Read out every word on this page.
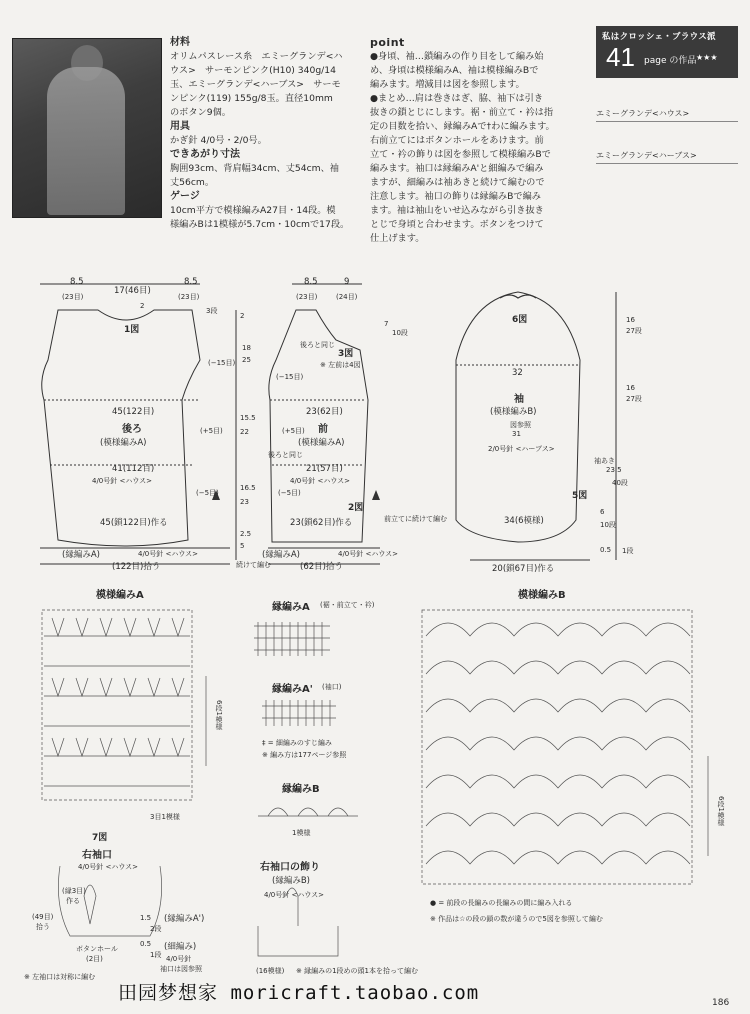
材料
オリムパスレース糸　エミーグランデ<ハ
ウス>　サーモンピンク(H10) 340g/14
玉、エミーグランデ<ハーブス>　サーモ
ンピンク(119) 155g/8玉。直径10mm
のボタン9個。
用具
かぎ針 4/0号・2/0号。
できあがり寸法
胸囲93cm、背肩幅34cm、丈54cm、袖
丈56cm。
ゲージ
10cm平方で模様編みA27目・14段。模
様編みBは1模様が5.7cm・10cmで17段。
point
●身頃、袖…鎖編みの作り目をして編み始
め、身頃は模様編みA、袖は模様編みBで
編みます。増減目は図を参照します。
●まとめ…肩は巻きはぎ、脇、袖下は引き
抜きの鎖とじにします。裾・前立て・衿は指
定の目数を拾い、縁編みAで†わに編みます。
右前立てにはボタンホールをあけます。前
立て・衿の飾りは図を参照して模様編みBで
編みます。袖口は縁編みA'と細編みで編み
ますが、細編みは袖あきと続けて編むので
注意します。袖口の飾りは縁編みBで編み
ます。袖は袖山をいせ込みながら引き抜き
とじで身頃と合わせます。ボタンをつけて
仕上げます。
私はクロッシェ・ブラウス派
41 page の作品 ★★★
エミーグランデ<ハウス>
エミーグランデ<ハーブス>
8.5
(23目)
17(46目)
8.5
(23目)
2
1図
3段
2
(−15目)
18
25
45(122目)
後ろ
(模様編みA)
(+5目)
15.5
22
41(112目)
4/0号針 <ハウス>
(−5目)
16.5
23
45(鎖122目)作る
2.5
5
(縁編みA)	4/0号針 <ハウス>
(122目)拾う
8.5
(23目)
9
(24目)
7
10段
後ろと同じ
3図
※ 左前は4図
(−15目)
23(62目)
前
(模様編みA)
(+5目)
後ろと同じ
21(57目)
4/0号針 <ハウス>
(−5目)
2図
23(鎖62目)作る	前立てに続けて編む
(縁編みA)	4/0号針 <ハウス>
続けて編む	(62目)拾う
6図	16
27段
32
16
27段
袖
(模様編みB)
図参照
31
2/0号針 <ハーブス>
袖あき
23.5
40段
5図
6
10段
34(6模様)
0.5 1段
20(鎖67目)作る
模様編みA
3目1模様
6段1模様
縁編みA (裾・前立て・衿)
縁編みA' (袖口)
‡ = 細編みのすじ編み
※ 編み方は177ページ参照
縁編みB
1模様
模様編みB
6段1模様
● = 前段の長編みの長編みの間に編み入れる
※ 作品は☆の段の鎖の数が違うので5図を参照して編む
7図
右袖口
4/0号針 <ハウス>
(縁3目)
作る
(49目)
拾う
ボタンホール
(2目)
1.5
2段
(縁編みA')
0.5
1段
(細編み)
4/0号針
袖口は図参照
※ 左袖口は対称に編む
右袖口の飾り
(縁編みB)
4/0号針 <ハウス>
(16模様) ※ 縁編みの1段めの頭1本を拾って編む
田园梦想家 moricraft.taobao.com	186
